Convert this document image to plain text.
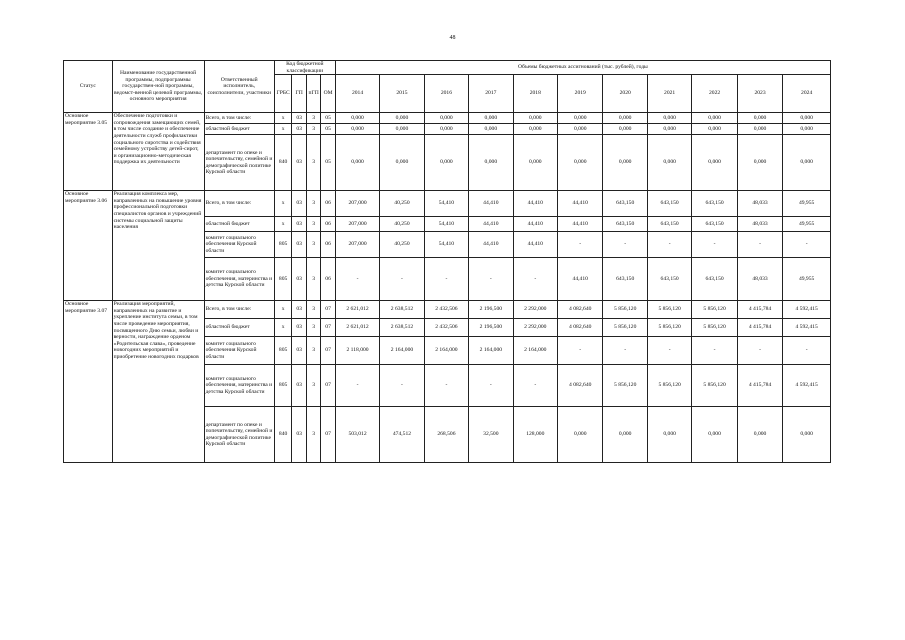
48
Статус	Наименование государственной программы, подпрограммы государствен-ной программы, ведомст-венной целевой программы, основного мероприятия	Ответственный исполнитель, соисполнители, участники	Код бюджетной классификации				Объемы бюджетных ассигнований (тыс. рублей), годы										
			ГРБС	ГП	пГП	ОМ	2014	2015	2016	2017	2018	2019	2020	2021	2022	2023	2024
Основное мероприятие 3.05	Обеспечение подготовки и сопровождения замещающих семей, в том числе создание и обеспечение деятельности служб профилактики социального сиротства и содействия семейному устройству детей-сирот, и организационно-методическая поддержка их деятельности	Всего, в том числе:	x	03	3	05	0,000	0,000	0,000	0,000	0,000	0,000	0,000	0,000	0,000	0,000	0,000
		областной бюджет	x	03	3	05	0,000	0,000	0,000	0,000	0,000	0,000	0,000	0,000	0,000	0,000	0,000
		департамент по опеке и попечительству, семейной и демографической политике Курской области	840	03	3	05	0,000	0,000	0,000	0,000	0,000	0,000	0,000	0,000	0,000	0,000	0,000
Основное мероприятие 3.06	Реализация комплекса мер, направленных на повышение уровня профессиональной подготовки специалистов органов и учреждений системы социальной защиты населения	Всего, в том числе:	x	03	3	06	207,000	40,250	54,410	44,410	44,410	44,410	643,150	643,150	643,150	48,033	49,955
		областной бюджет	x	03	3	06	207,000	40,250	54,410	44,410	44,410	44,410	643,150	643,150	643,150	48,033	49,955
		комитет социального обеспечения Курской области	805	03	3	06	207,000	40,250	54,410	44,410	44,410	-	-	-	-	-	-
		комитет социального обеспечения, материнства и детства Курской области	805	03	3	06	-	-	-	-	-	44,410	643,150	643,150	643,150	48,033	49,955
Основное мероприятие 3.07	Реализация мероприятий, направленных на развитие и укрепление института семьи, в том числе проведение мероприятия, посвященного Дню семьи, любви и верности, награждение орденом «Родительская слава», проведение новогодних мероприятий и приобретение новогодних подарков	Всего, в том числе:	x	03	3	07	2 621,012	2 638,512	2 432,506	2 196,500	2 292,000	4 082,640	5 856,120	5 856,120	5 856,120	4 415,784	4 592,415
		областной бюджет	x	03	3	07	2 621,012	2 638,512	2 432,506	2 196,500	2 292,000	4 082,640	5 856,120	5 856,120	5 856,120	4 415,784	4 592,415
		комитет социального обеспечения Курской области	805	03	3	07	2 118,000	2 164,000	2 164,000	2 164,000	2 164,000	-	-	-	-	-	-
		комитет социального обеспечения, материнства и детства Курской области	805	03	3	07	-	-	-	-	-	4 082,640	5 856,120	5 856,120	5 856,120	4 415,784	4 592,415
		департамент по опеке и попечительству, семейной и демографической политике Курской области	840	03	3	07	503,012	474,512	268,506	32,500	128,000	0,000	0,000	0,000	0,000	0,000	0,000
